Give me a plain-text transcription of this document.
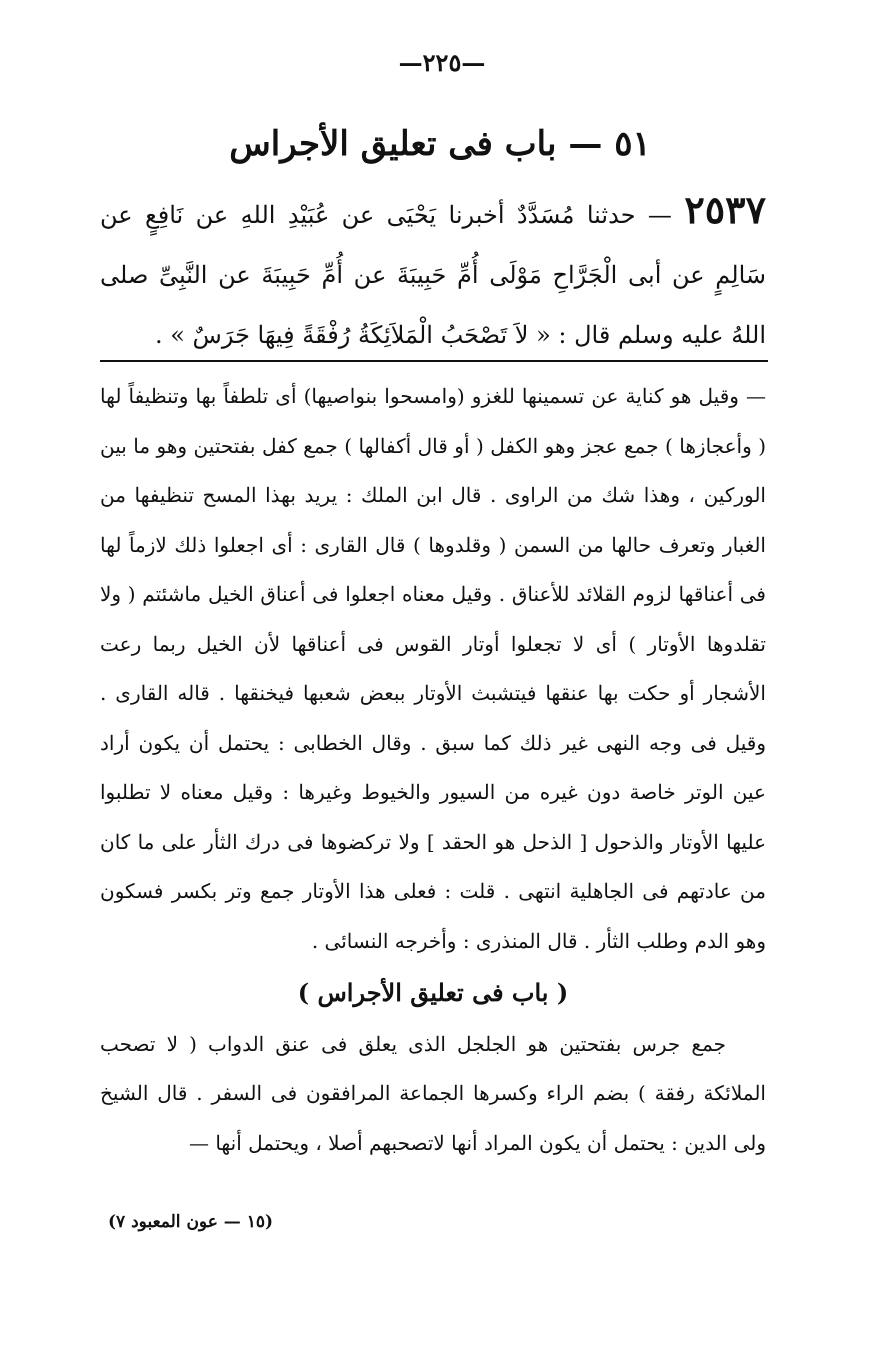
—٢٢٥—
٥١ — باب فى تعليق الأجراس
٢٥٣٧ — حدثنا مُسَدَّدٌ أخبرنا يَحْيَى عن عُبَيْدِ اللهِ عن نَافِعٍ عن سَالِمٍ عن أبى الْجَرَّاحِ مَوْلَى أُمِّ حَبِيبَةَ عن أُمِّ حَبِيبَةَ عن النَّبِىِّ صلى اللهُ عليه وسلم قال : « لاَ تَصْحَبُ الْمَلاَئِكَةُ رُفْقَةً فِيهَا جَرَسٌ » .

— وقيل هو كناية عن تسمينها للغزو (وامسحوا بنواصيها) أى تلطفاً بها وتنظيفاً لها ( وأعجازها ) جمع عجز وهو الكفل ( أو قال أكفالها ) جمع كفل بفتحتين وهو ما بين الوركين ، وهذا شك من الراوى . قال ابن الملك : يريد بهذا المسح تنظيفها من الغبار وتعرف حالها من السمن ( وقلدوها ) قال القارى : أى اجعلوا ذلك لازماً لها فى أعناقها لزوم القلائد للأعناق . وقيل معناه اجعلوا فى أعناق الخيل ماشئتم ( ولا تقلدوها الأوتار ) أى لا تجعلوا أوتار القوس فى أعناقها لأن الخيل ربما رعت الأشجار أو حكت بها عنقها فيتشبث الأوتار ببعض شعبها فيخنقها . قاله القارى . وقيل فى وجه النهى غير ذلك كما سبق . وقال الخطابى : يحتمل أن يكون أراد عين الوتر خاصة دون غيره من السيور والخيوط وغيرها : وقيل معناه لا تطلبوا عليها الأوتار والذحول [ الذحل هو الحقد ] ولا تركضوها فى درك الثأر على ما كان من عادتهم فى الجاهلية انتهى . قلت : فعلى هذا الأوتار جمع وتر بكسر فسكون وهو الدم وطلب الثأر . قال المنذرى : وأخرجه النسائى .

( باب فى تعليق الأجراس )

جمع جرس بفتحتين هو الجلجل الذى يعلق فى عنق الدواب ( لا تصحب الملائكة رفقة ) بضم الراء وكسرها الجماعة المرافقون فى السفر . قال الشيخ ولى الدين : يحتمل أن يكون المراد أنها لاتصحبهم أصلا ، ويحتمل أنها —

(١٥ — عون المعبود ٧)
